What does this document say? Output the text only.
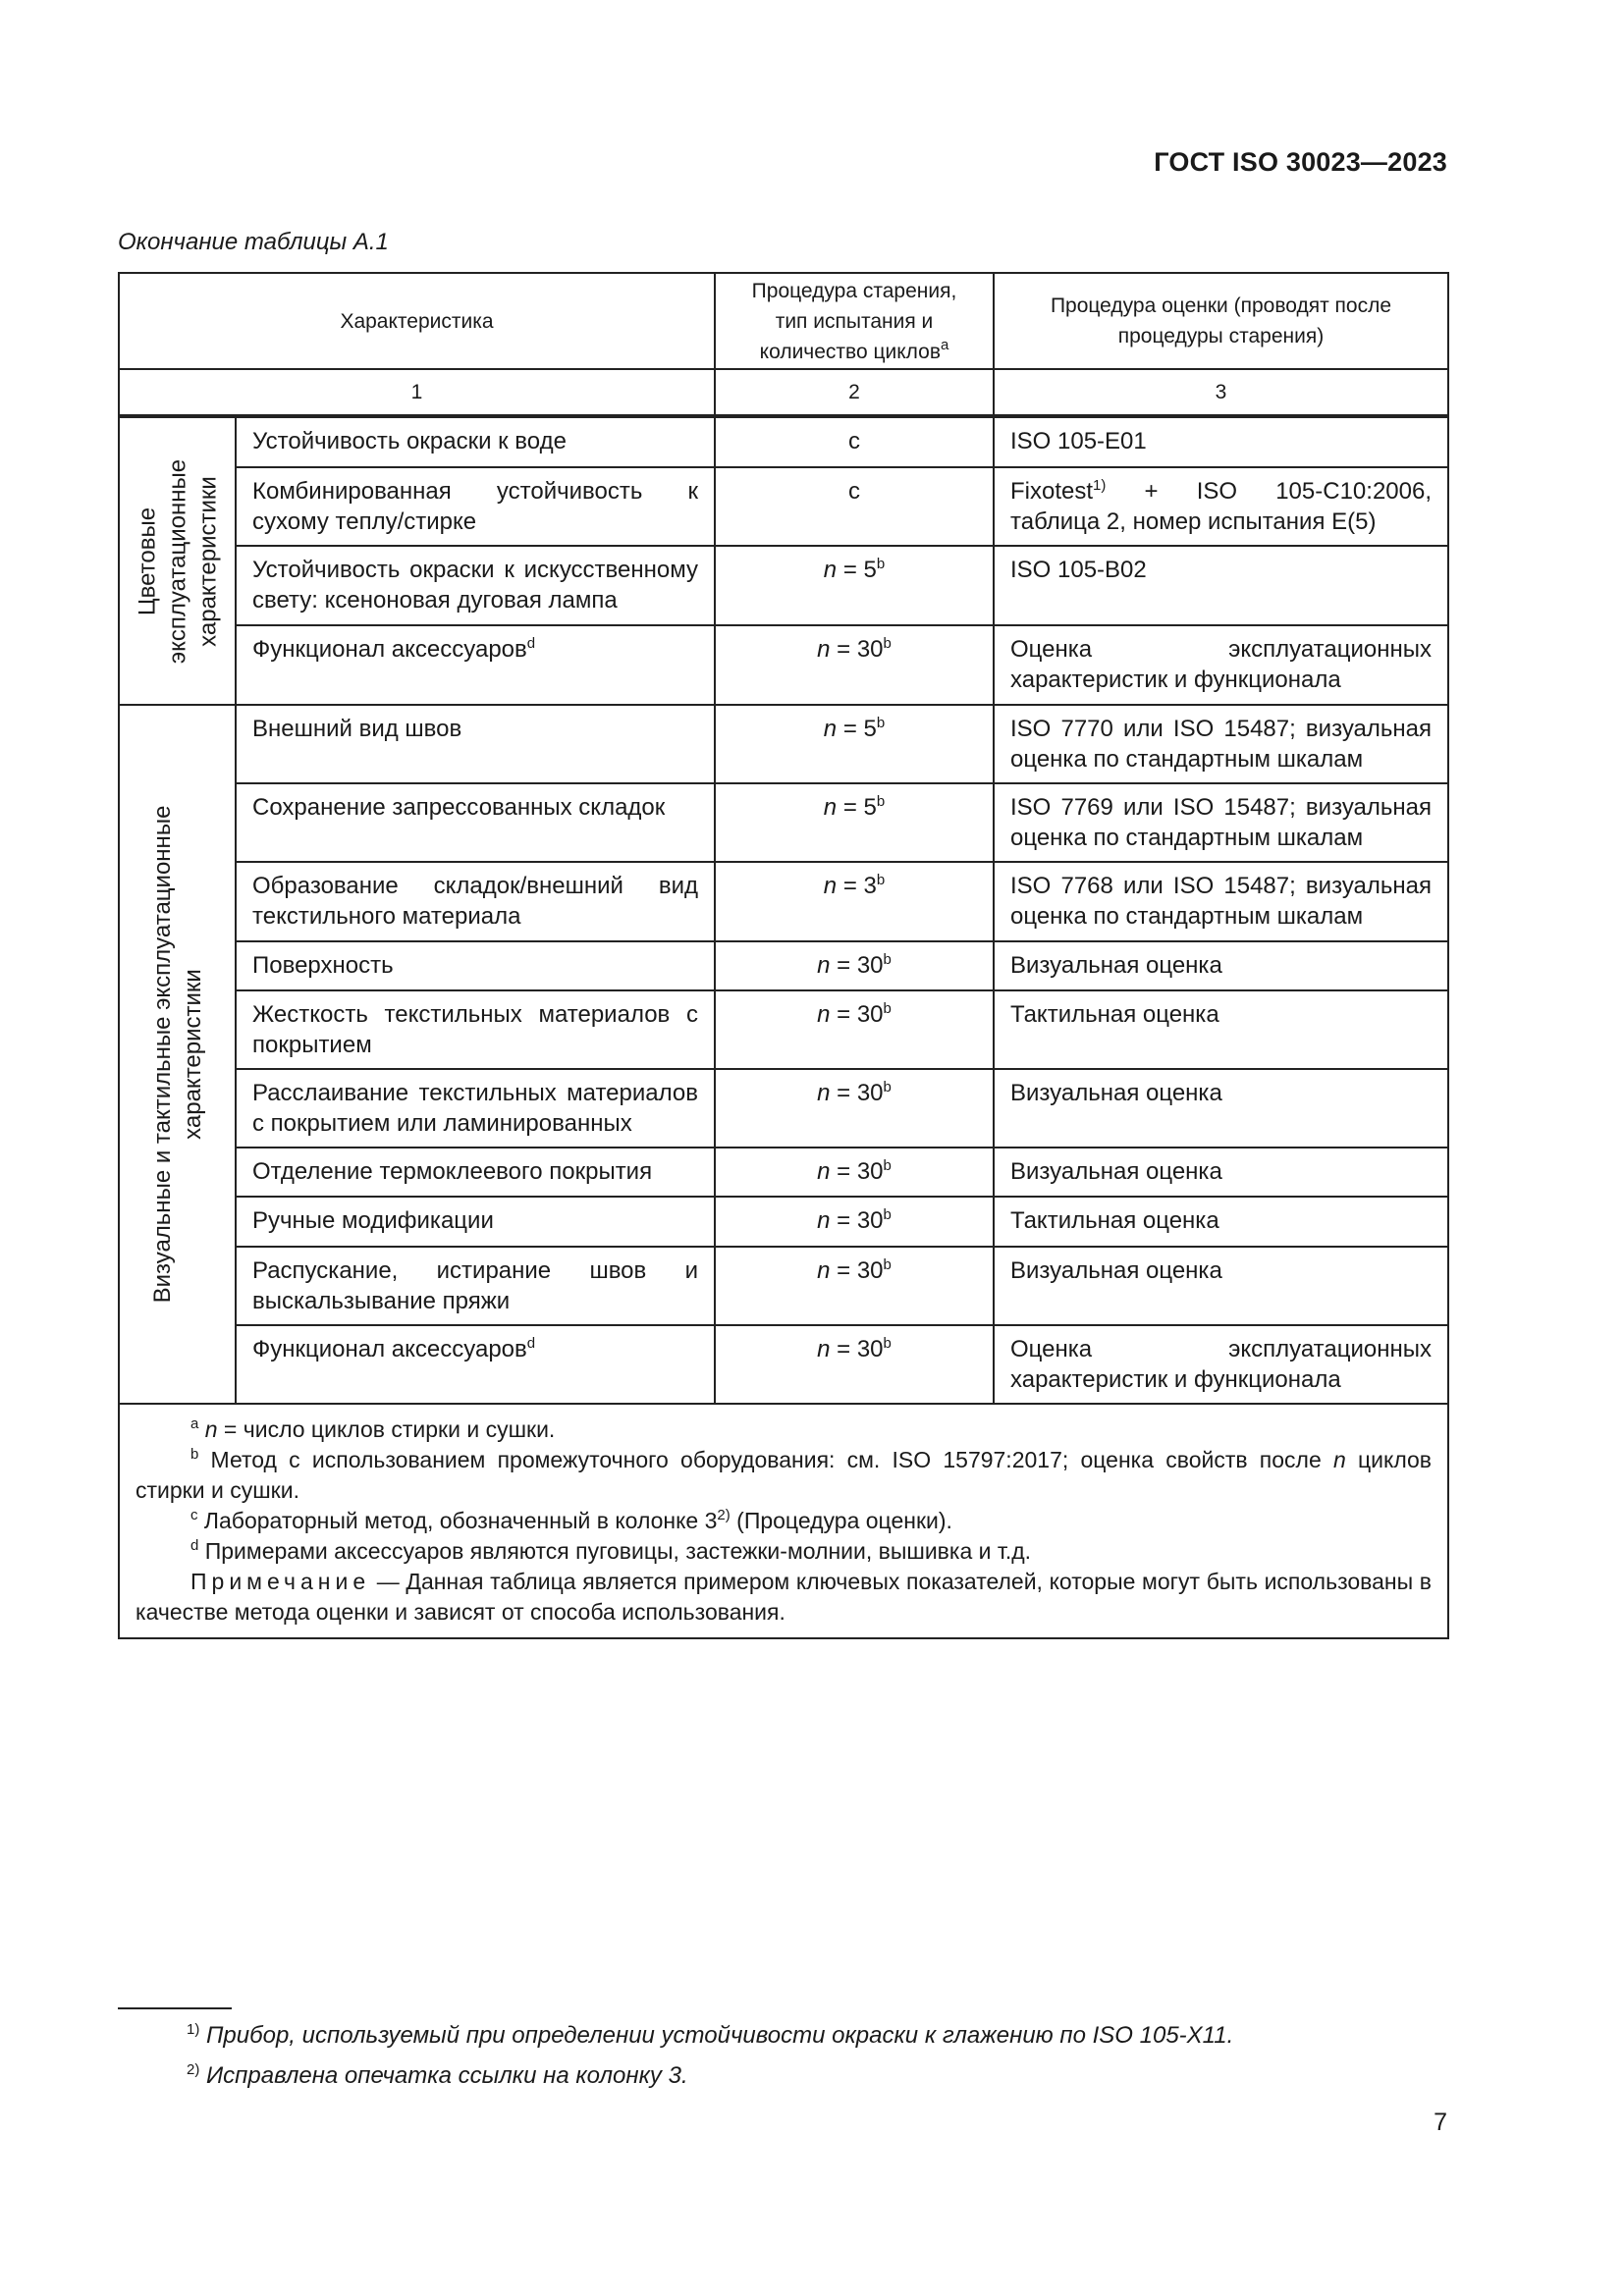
ГОСТ ISO 30023—2023
Окончание таблицы А.1
Характеристика		Процедура старения, тип испытания и количество циклов$^a$	Процедура оценки (проводят после процедуры старения)
1		2	3

Цветовые эксплуатационные характеристики	Устойчивость окраски к воде	c	ISO 105-E01
	Комбинированная устойчивость к сухому теплу/стирке	c	Fixotest$^{1)}$ + ISO 105-C10:2006, таблица 2, номер испытания E(5)
	Устойчивость окраски к искусственному свету: ксеноновая дуговая лампа	$n = 5^b$	ISO 105-B02
	Функционал аксессуаров$^d$	$n = 30^b$	Оценка эксплуатационных характеристик и функционала

Визуальные и тактильные эксплуатационные характеристики	Внешний вид швов	$n = 5^b$	ISO 7770 или ISO 15487; визуальная оценка по стандартным шкалам
	Сохранение запрессованных складок	$n = 5^b$	ISO 7769 или ISO 15487; визуальная оценка по стандартным шкалам
	Образование складок/внешний вид текстильного материала	$n = 3^b$	ISO 7768 или ISO 15487; визуальная оценка по стандартным шкалам
	Поверхность	$n = 30^b$	Визуальная оценка
	Жесткость текстильных материалов с покрытием	$n = 30^b$	Тактильная оценка
	Расслаивание текстильных материалов с покрытием или ламинированных	$n = 30^b$	Визуальная оценка
	Отделение термоклеевого покрытия	$n = 30^b$	Визуальная оценка
	Ручные модификации	$n = 30^b$	Тактильная оценка
	Распускание, истирание швов и выскальзывание пряжи	$n = 30^b$	Визуальная оценка
	Функционал аксессуаров$^d$	$n = 30^b$	Оценка эксплуатационных характеристик и функционала

$^a$ n = число циклов стирки и сушки.

$^b$ Метод с использованием промежуточного оборудования: см. ISO 15797:2017; оценка свойств после n циклов стирки и сушки.

$^c$ Лабораторный метод, обозначенный в колонке 3$^{2)}$ (Процедура оценки).

$^d$ Примерами аксессуаров являются пуговицы, застежки-молнии, вышивка и т.д.

Примечание — Данная таблица является примером ключевых показателей, которые могут быть использованы в качестве метода оценки и зависят от способа использования.			

$^{1)}$ Прибор, используемый при определении устойчивости окраски к глажению по ISO 105-X11.
$^{2)}$ Исправлена опечатка ссылки на колонку 3.
7
